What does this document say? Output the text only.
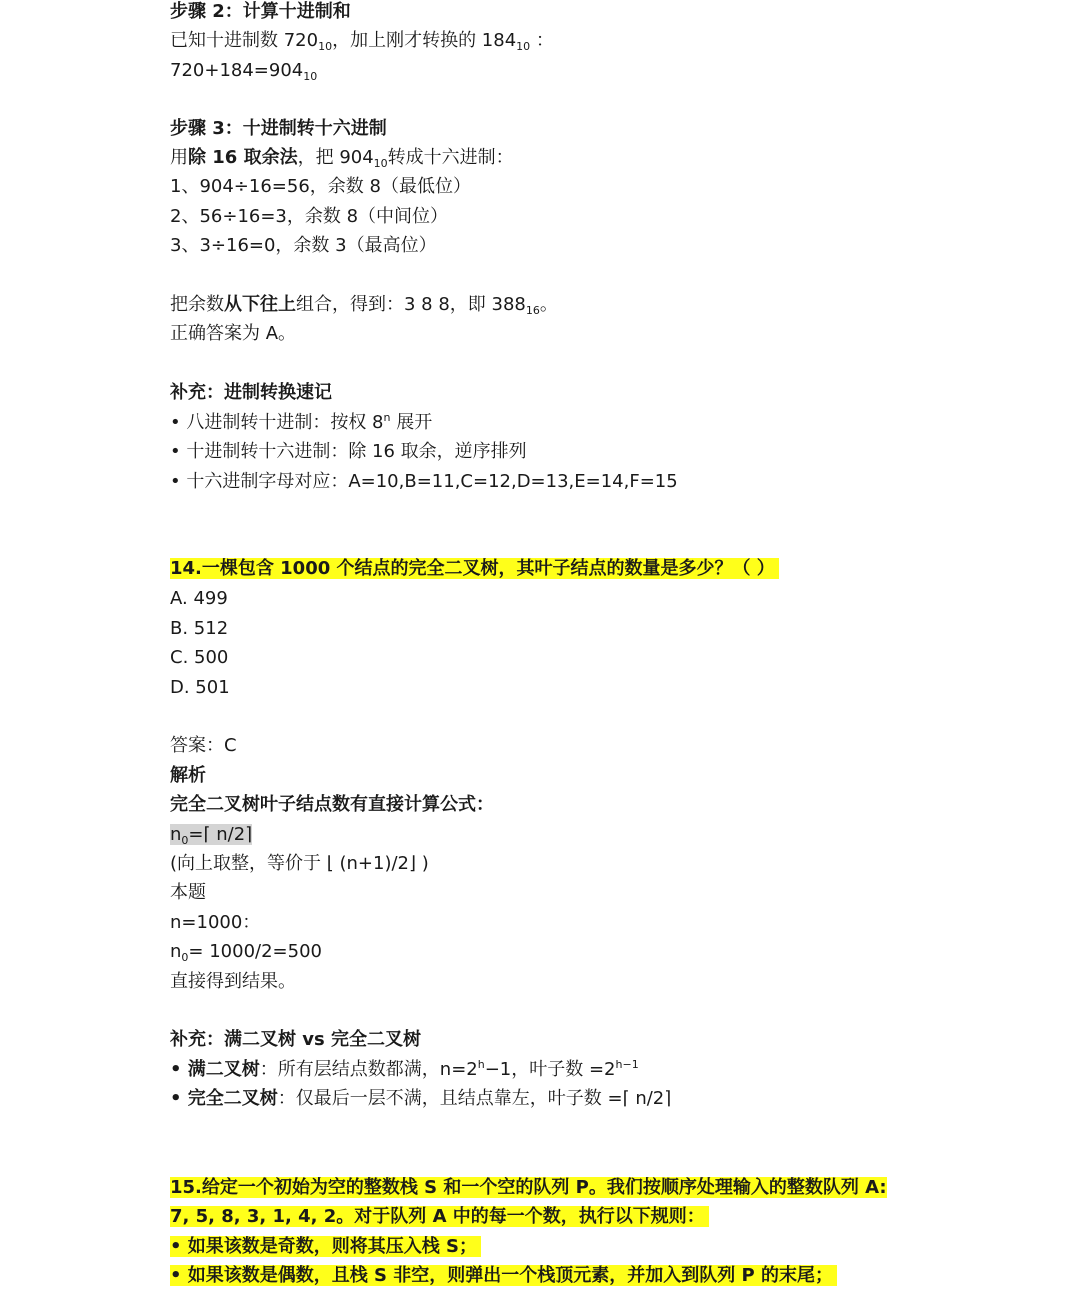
步骤 2：计算十进制和
已知十进制数 $720_{10}$，加上刚才转换的 $184_{10}$ ：
$720+184=904_{10}$
步骤 3：十进制转十六进制
用除 16 取余法，把 $904_{10}$转成十六进制：
1、904÷16=56，余数 8（最低位）
2、56÷16=3，余数 8（中间位）
3、3÷16=0，余数 3（最高位）
把余数从下往上组合，得到：3 8 8，即 $388_{16}$。
正确答案为 A。
补充：进制转换速记
• 八进制转十进制：按权 8$^n$ 展开
• 十进制转十六进制：除 16 取余，逆序排列
• 十六进制字母对应：A=10,B=11,C=12,D=13,E=14,F=15
14.一棵包含 1000 个结点的完全二叉树，其叶子结点的数量是多少？（ ）
A. 499
B. 512
C. 500
D. 501
答案：C
解析
完全二叉树叶子结点数有直接计算公式：
$n_0=⌈$ n/2⌉
(向上取整，等价于 ⌊ (n+1)/2⌋ )
本题
n=1000：
$n_0= 1000/2=500$
直接得到结果。
补充：满二叉树 vs 完全二叉树
• 满二叉树：所有层结点数都满，$n=2^h-1$，叶子数 $=2^{h-1}$
• 完全二叉树：仅最后一层不满，且结点靠左，叶子数 =⌈ n/2⌉
15.给定一个初始为空的整数栈 S 和一个空的队列 P。我们按顺序处理输入的整数队列 A:
7, 5, 8, 3, 1, 4, 2。对于队列 A 中的每一个数，执行以下规则：
• 如果该数是奇数，则将其压入栈 S；
• 如果该数是偶数，且栈 S 非空，则弹出一个栈顶元素，并加入到队列 P 的末尾；
